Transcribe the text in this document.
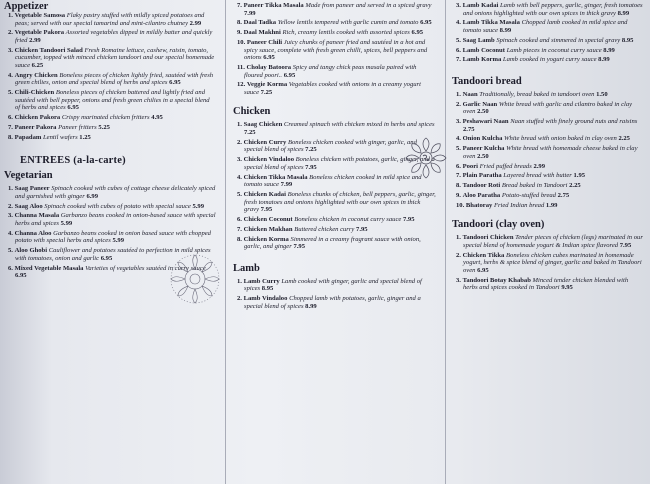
Appetizer
1. Vegetable Samosa Flaky pastry stuffed with mildly spiced potatoes and peas; served with our special tamarind and mint-cilantro chutney 2.99
2. Vegetable Pakora Assorted vegetables dipped in mildly batter and quickly fried 2.99
3. Chicken Tandoori Salad Fresh Romaine lettuce, cashew, raisin, tomato, cucumber, topped with minced chicken tandoori and our special homemade sauce 6.25
4. Angry Chicken Boneless pieces of chicken lightly fried, sautéed with fresh green chilies, onion and special blend of herbs and spices 6.95
5. Chili-Chicken Boneless pieces of chicken battered and lightly fried and sautéed with bell pepper, onions and fresh green chilies in a special blend of herbs and spices 6.95
6. Chicken Pakora Crispy marinated chicken fritters 4.95
7. Paneer Pakora Paneer fritters 5.25
8. Papadam Lentil wafers 1.25
ENTREES (a-la-carte)
Vegetarian
1. Saag Paneer Spinach cooked with cubes of cottage cheese delicately spiced and garnished with ginger 6.99
2. Saag Aloo Spinach cooked with cubes of potato with special sauce 5.99
3. Channa Masala Garbanzo beans cooked in onion-based sauce with special herbs and spices 5.99
4. Channa Aloo Garbanzo beans cooked in onion based sauce with chopped potato with special herbs and spices 5.99
5. Aloo Ghobi Cauliflower and potatoes sautéed to perfection in mild spices with tomatoes, onion and garlic 6.95
6. Mixed Vegetable Masala Varieties of vegetables sautéed in curry sauce 6.95
7. Paneer Tikka Masala Made from paneer and served in a spiced gravy 7.99
8. Daal Tadka Yellow lentils tempered with garlic cumin and tomato 6.95
9. Daal Makhni Rich, creamy lentils cooked with assorted spices 6.95
10. Paneer Chili Juicy chunks of paneer fried and sautéed in a hot and spicy sauce, complete with fresh green chilli, spices, bell peppers and onions 6.95
11. Cholay Batoora Spicy and tangy chick peas masala paired with floured poori.. 6.95
12. Veggie Korma Vegetables cooked with onions in a creamy yogurt sauce 7.25
Chicken
1. Saag Chicken Creamed spinach with chicken mixed in herbs and spices 7.25
2. Chicken Curry Boneless chicken cooked with ginger, garlic, and special blend of spices 7.25
3. Chicken Vindaloo Boneless chicken with potatoes, garlic, ginger, and a special blend of spices 7.95
4. Chicken Tikka Masala Boneless chicken cooked in mild spice and tomato sauce 7.99
5. Chicken Kadai Boneless chunks of chicken, bell peppers, garlic, ginger, fresh tomatoes and onions highlighted with our own spices in thick gravy 7.95
6. Chicken Coconut Boneless chicken in coconut curry sauce 7.95
7. Chicken Makhan Buttered chicken curry 7.95
8. Chicken Korma Simmered in a creamy fragrant sauce with onion, garlic, and ginger 7.95
Lamb
1. Lamb Curry Lamb cooked with ginger, garlic and special blend of spices 8.95
2. Lamb Vindaloo Chopped lamb with potatoes, garlic, ginger and a special blend of spices 8.99
3. Lamb Kadai Lamb with bell peppers, garlic, ginger, fresh tomatoes and onions highlighted with our own spices in thick gravy 8.99
4. Lamb Tikka Masala Chopped lamb cooked in mild spice and tomato sauce 8.99
5. Saag Lamb Spinach cooked and simmered in special gravy 8.95
6. Lamb Coconut Lamb pieces in coconut curry sauce 8.99
7. Lamb Korma Lamb cooked in yogurt curry sauce 8.99
Tandoori bread
1. Naan Traditionally, bread baked in tandoori oven 1.50
2. Garlic Naan White bread with garlic and cilantro baked in clay oven 2.50
3. Peshawari Naan Naan stuffed with finely ground nuts and raisins 2.75
4. Onion Kulcha White bread with onion baked in clay oven 2.25
5. Paneer Kulcha White bread with homemade cheese baked in clay oven 2.50
6. Poori Fried puffed breads 2.99
7. Plain Paratha Layered bread with butter 1.95
8. Tandoor Roti Bread baked in Tandoori 2.25
9. Aloo Paratha Potato-stuffed bread 2.75
10. Bhatoray Fried Indian bread 1.99
Tandoori (clay oven)
1. Tandoori Chicken Tender pieces of chicken (legs) marinated in our special blend of homemade yogurt & Indian spice flavored 7.95
2. Chicken Tikka Boneless chicken cubes marinated in homemade yogurt, herbs & spice blend of ginger, garlic and baked in Tandoori oven 6.95
3. Tandoori Botay Khabab Minced tender chicken blended with herbs and spices cooked in Tandoori 9.95
